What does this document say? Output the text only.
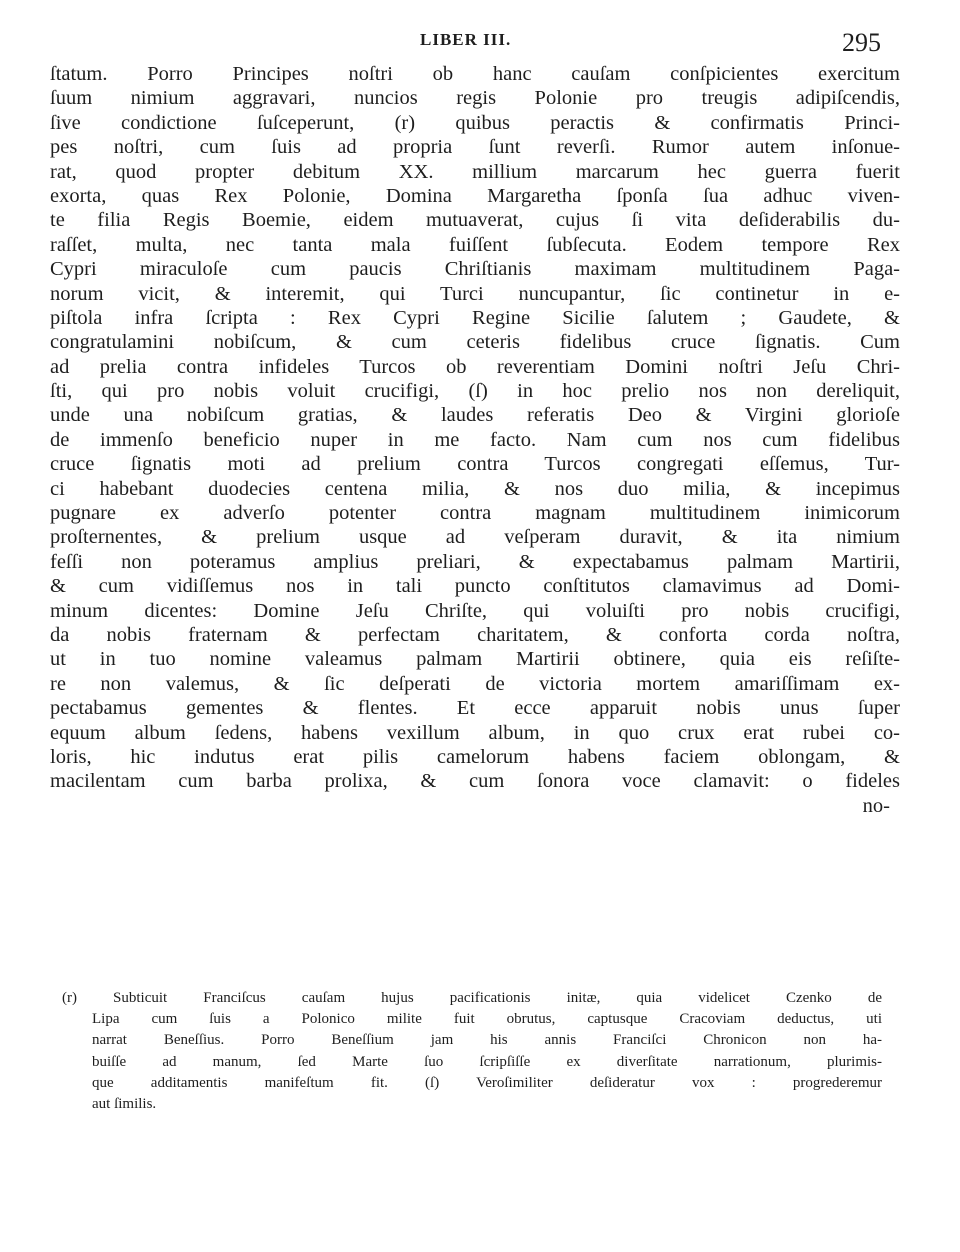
LIBER III.	295
ſtatum. Porro Principes noſtri ob hanc cauſam conſpicientes exercitum
ſuum nimium aggravari, nuncios regis Polonie pro treugis adipiſcendis,
ſive condictione ſuſceperunt, (r) quibus peractis & confirmatis Princi-
pes noſtri, cum ſuis ad propria ſunt reverſi. Rumor autem inſonue-
rat, quod propter debitum XX. millium marcarum hec guerra fuerit
exorta, quas Rex Polonie, Domina Margaretha ſponſa ſua adhuc viven-
te filia Regis Boemie, eidem mutuaverat, cujus ſi vita deſiderabilis du-
raſſet, multa, nec tanta mala fuiſſent ſubſecuta. Eodem tempore Rex
Cypri miraculoſe cum paucis Chriſtianis maximam multitudinem Paga-
norum vicit, & interemit, qui Turci nuncupantur, ſic continetur in e-
piſtola infra ſcripta : Rex Cypri Regine Sicilie ſalutem ; Gaudete, &
congratulamini nobiſcum, & cum ceteris fidelibus cruce ſignatis. Cum
ad prelia contra infideles Turcos ob reverentiam Domini noſtri Jeſu Chri-
ſti, qui pro nobis voluit crucifigi, (ſ) in hoc prelio nos non dereliquit,
unde una nobiſcum gratias, & laudes referatis Deo & Virgini glorioſe
de immenſo beneficio nuper in me facto. Nam cum nos cum fidelibus
cruce ſignatis moti ad prelium contra Turcos congregati eſſemus, Tur-
ci habebant duodecies centena milia, & nos duo milia, & incepimus
pugnare ex adverſo potenter contra magnam multitudinem inimicorum
proſternentes, & prelium usque ad veſperam duravit, & ita nimium
feſſi non poteramus amplius preliari, & expectabamus palmam Martirii,
& cum vidiſſemus nos in tali puncto conſtitutos clamavimus ad Domi-
minum dicentes: Domine Jeſu Chriſte, qui voluiſti pro nobis crucifigi,
da nobis fraternam & perfectam charitatem, & conforta corda noſtra,
ut in tuo nomine valeamus palmam Martirii obtinere, quia eis reſiſte-
re non valemus, & ſic deſperati de victoria mortem amariſſimam ex-
pectabamus gementes & flentes. Et ecce apparuit nobis unus ſuper
equum album ſedens, habens vexillum album, in quo crux erat rubei co-
loris, hic indutus erat pilis camelorum habens faciem oblongam, &
macilentam cum barba prolixa, & cum ſonora voce clamavit: o fideles
no-
(r) Subticuit Franciſcus cauſam hujus pacificationis initæ, quia videlicet Czenko de
Lipa cum ſuis a Polonico milite fuit obrutus, captusque Cracoviam deductus, uti
narrat Beneſſius. Porro Beneſſium jam his annis Franciſci Chronicon non ha-
buiſſe ad manum, ſed Marte ſuo ſcripſiſſe ex diverſitate narrationum, plurimis-
que additamentis manifeſtum fit. (ſ) Veroſimiliter deſideratur vox : progrederemur
aut ſimilis.
